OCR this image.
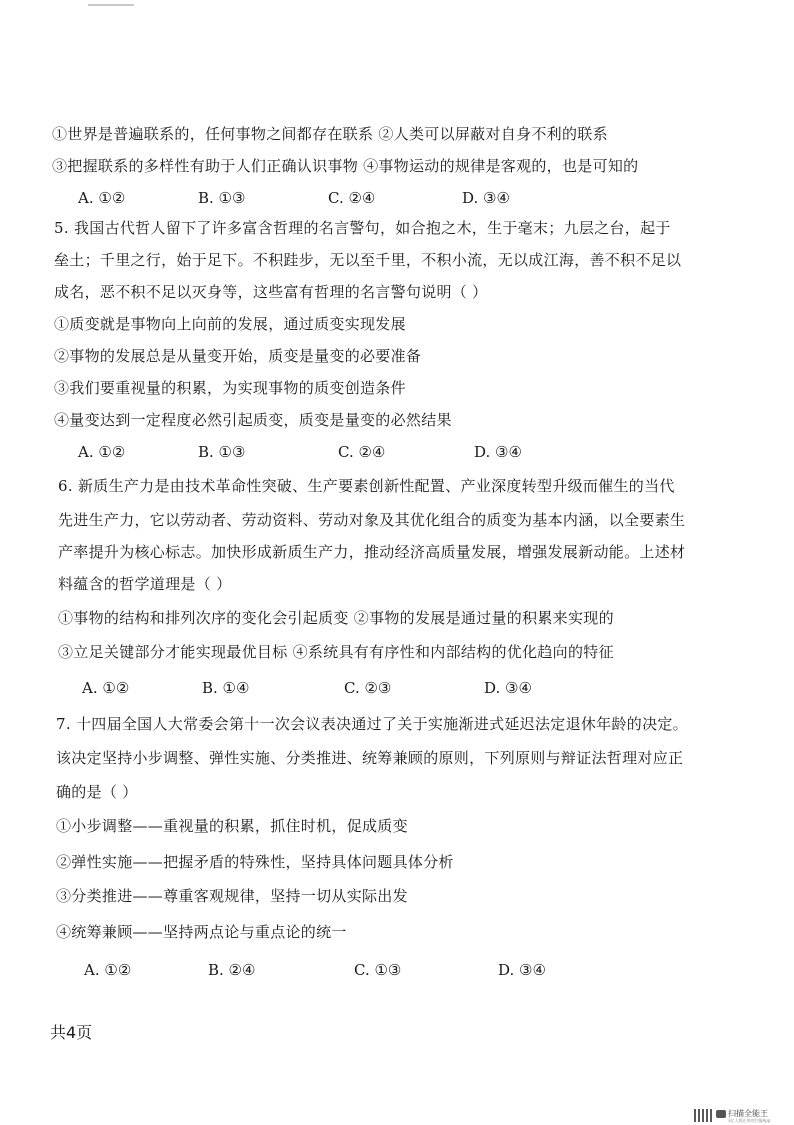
①世界是普遍联系的，任何事物之间都存在联系 ②人类可以屏蔽对自身不利的联系
③把握联系的多样性有助于人们正确认识事物 ④事物运动的规律是客观的，也是可知的
A. ①②	B. ①③	C. ②④	D. ③④
5. 我国古代哲人留下了许多富含哲理的名言警句，如合抱之木，生于毫末；九层之台，起于
垒土；千里之行，始于足下。不积跬步，无以至千里，不积小流，无以成江海，善不积不足以
成名，恶不积不足以灭身等，这些富有哲理的名言警句说明（ ）
①质变就是事物向上向前的发展，通过质变实现发展
②事物的发展总是从量变开始，质变是量变的必要准备
③我们要重视量的积累，为实现事物的质变创造条件
④量变达到一定程度必然引起质变，质变是量变的必然结果
A. ①②	B. ①③	C. ②④	D. ③④
6. 新质生产力是由技术革命性突破、生产要素创新性配置、产业深度转型升级而催生的当代
先进生产力，它以劳动者、劳动资料、劳动对象及其优化组合的质变为基本内涵，以全要素生
产率提升为核心标志。加快形成新质生产力，推动经济高质量发展，增强发展新动能。上述材
料蕴含的哲学道理是（ ）
①事物的结构和排列次序的变化会引起质变 ②事物的发展是通过量的积累来实现的
③立足关键部分才能实现最优目标 ④系统具有有序性和内部结构的优化趋向的特征
A. ①②	B. ①④	C. ②③	D. ③④
7. 十四届全国人大常委会第十一次会议表决通过了关于实施渐进式延迟法定退休年龄的决定。
该决定坚持小步调整、弹性实施、分类推进、统筹兼顾的原则，下列原则与辩证法哲理对应正
确的是（ ）
①小步调整——重视量的积累，抓住时机，促成质变
②弹性实施——把握矛盾的特殊性，坚持具体问题具体分析
③分类推进——尊重客观规律，坚持一切从实际出发
④统筹兼顾——坚持两点论与重点论的统一
A. ①②	B. ②④	C. ①③	D. ③④
共4页
扫描全能王
3亿人都在用的扫描App
